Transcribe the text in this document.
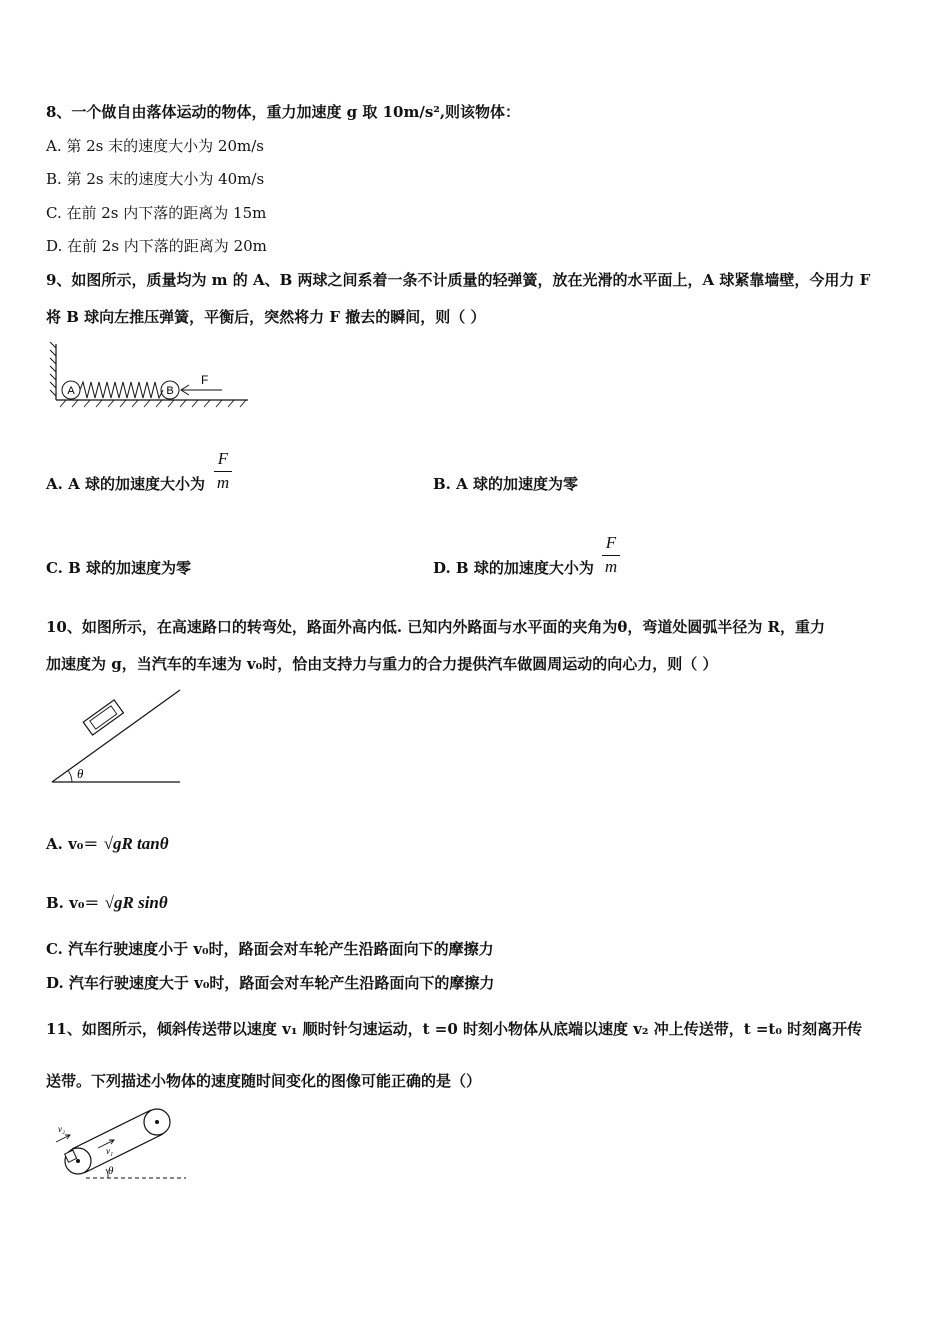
8、一个做自由落体运动的物体，重力加速度 g 取 10m/s²,则该物体：
A. 第 2s 末的速度大小为 20m/s
B. 第 2s 末的速度大小为 40m/s
C. 在前 2s 内下落的距离为 15m
D. 在前 2s 内下落的距离为 20m
9、如图所示，质量均为 m 的 A、B 两球之间系着一条不计质量的轻弹簧，放在光滑的水平面上，A 球紧靠墙壁，今用力 F
将 B 球向左推压弹簧，平衡后，突然将力 F 撤去的瞬间，则（ ）
A	B
F
A. A 球的加速度大小为
F
m	B. A 球的加速度为零
C. B 球的加速度为零	D. B 球的加速度大小为
F
m
10、如图所示，在高速路口的转弯处，路面外高内低. 已知内外路面与水平面的夹角为θ，弯道处圆弧半径为 R，重力
加速度为 g，当汽车的车速为 v₀时，恰由支持力与重力的合力提供汽车做圆周运动的向心力，则（ ）
θ
A. v₀＝ √gR tanθ
B. v₀＝ √gR sinθ
C. 汽车行驶速度小于 v₀时，路面会对车轮产生沿路面向下的摩擦力
D. 汽车行驶速度大于 v₀时，路面会对车轮产生沿路面向下的摩擦力
11、如图所示，倾斜传送带以速度 v₁ 顺时针匀速运动，t =0 时刻小物体从底端以速度 v₂ 冲上传送带，t =t₀ 时刻离开传
送带。下列描述小物体的速度随时间变化的图像可能正确的是（）
v₂
v₁
θ
